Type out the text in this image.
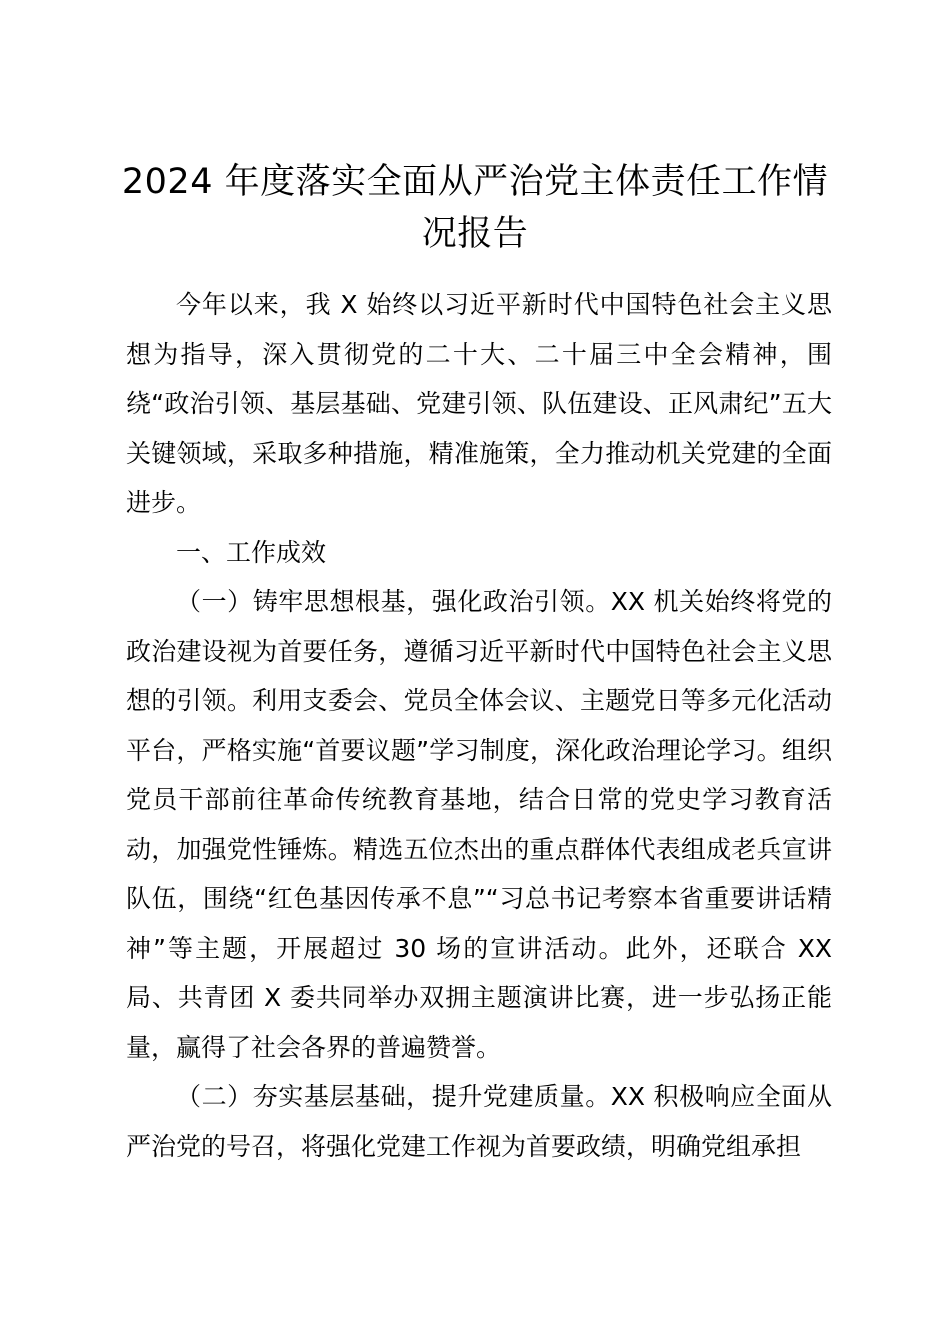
2024 年度落实全面从严治党主体责任工作情
况报告

今年以来，我 X 始终以习近平新时代中国特色社会主义思想为指导，深入贯彻党的二十大、二十届三中全会精神，围绕“政治引领、基层基础、党建引领、队伍建设、正风肃纪”五大关键领域，采取多种措施，精准施策，全力推动机关党建的全面进步。

一、工作成效

（一）铸牢思想根基，强化政治引领。XX 机关始终将党的政治建设视为首要任务，遵循习近平新时代中国特色社会主义思想的引领。利用支委会、党员全体会议、主题党日等多元化活动平台，严格实施“首要议题”学习制度，深化政治理论学习。组织党员干部前往革命传统教育基地，结合日常的党史学习教育活动，加强党性锤炼。精选五位杰出的重点群体代表组成老兵宣讲队伍，围绕“红色基因传承不息”“习总书记考察本省重要讲话精神”等主题，开展超过 30 场的宣讲活动。此外，还联合 XX 局、共青团 X 委共同举办双拥主题演讲比赛，进一步弘扬正能量，赢得了社会各界的普遍赞誉。

（二）夯实基层基础，提升党建质量。XX 积极响应全面从严治党的号召，将强化党建工作视为首要政绩，明确党组承担
